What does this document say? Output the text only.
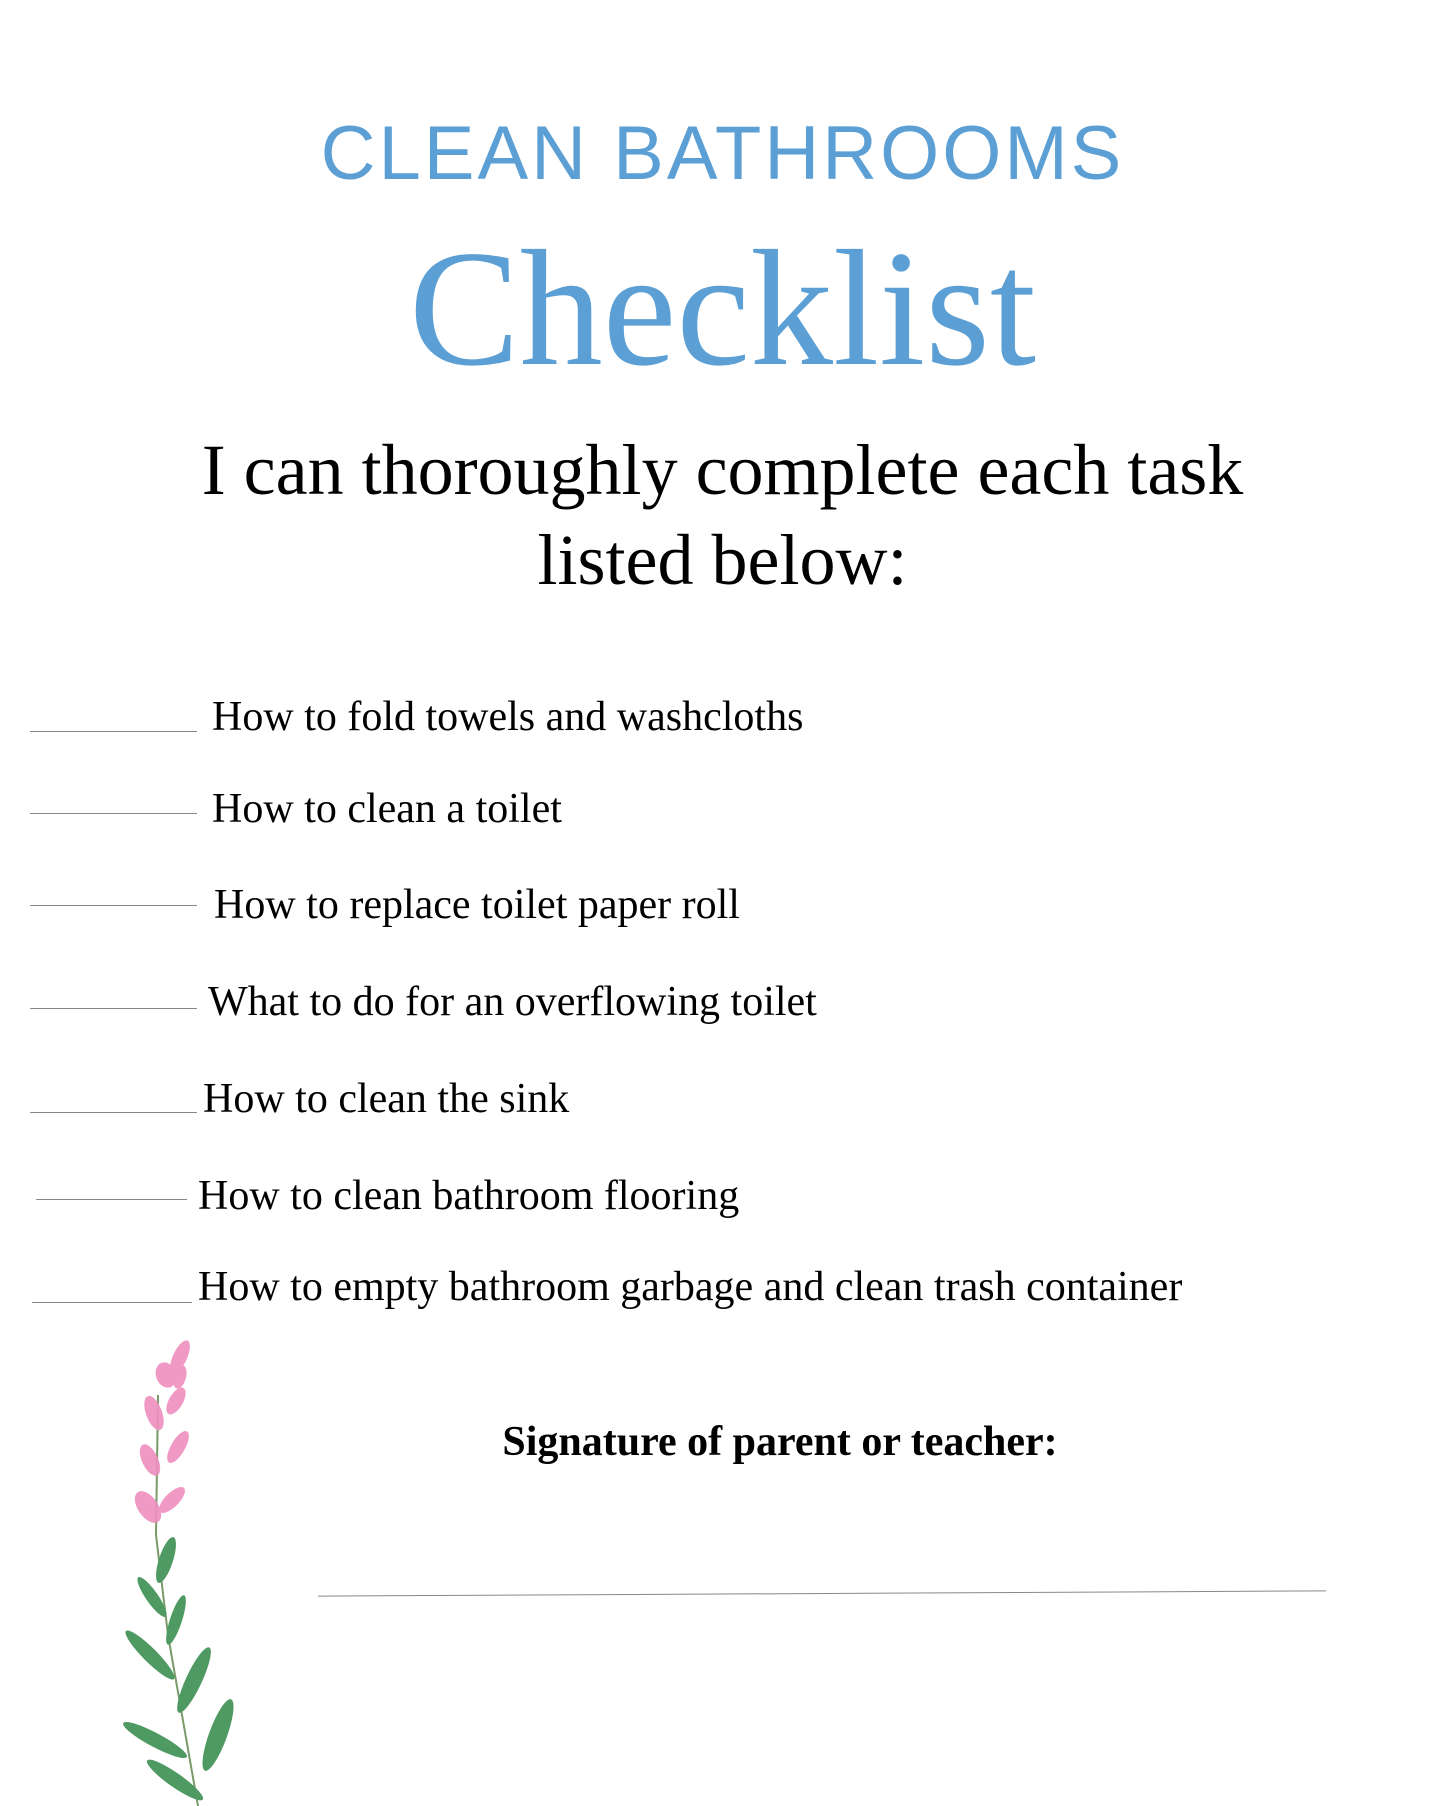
CLEAN BATHROOMS
Checklist
I can thoroughly complete each task
listed below:
How to fold towels and washcloths
How to clean a toilet
How to replace toilet paper roll
What to do for an overflowing toilet
How to clean the sink
How to clean bathroom flooring
How to empty bathroom garbage and clean trash container
Signature of parent or teacher:
